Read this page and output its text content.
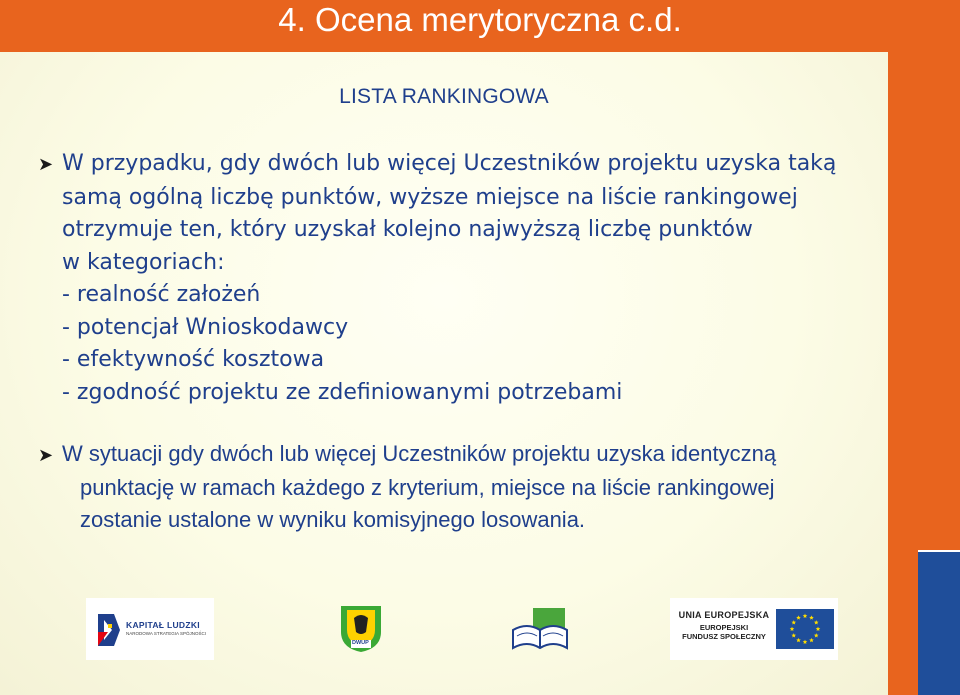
4. Ocena merytoryczna c.d.
LISTA RANKINGOWA
➤ W przypadku, gdy dwóch lub więcej Uczestników projektu uzyska taką
samą ogólną liczbę punktów, wyższe miejsce na liście rankingowej
otrzymuje ten, który uzyskał kolejno najwyższą liczbę punktów
w kategoriach:
- realność założeń
- potencjał Wnioskodawcy
- efektywność kosztowa
- zgodność projektu ze zdefiniowanymi potrzebami
➤ W sytuacji gdy dwóch lub więcej Uczestników projektu uzyska identyczną
punktację w ramach każdego z kryterium, miejsce na liście rankingowej
zostanie ustalone w wyniku komisyjnego losowania.
KAPITAŁ LUDZKI
NARODOWA STRATEGIA SPÓJNOŚCI
DWUP
UNIA EUROPEJSKA
EUROPEJSKI
FUNDUSZ SPOŁECZNY
